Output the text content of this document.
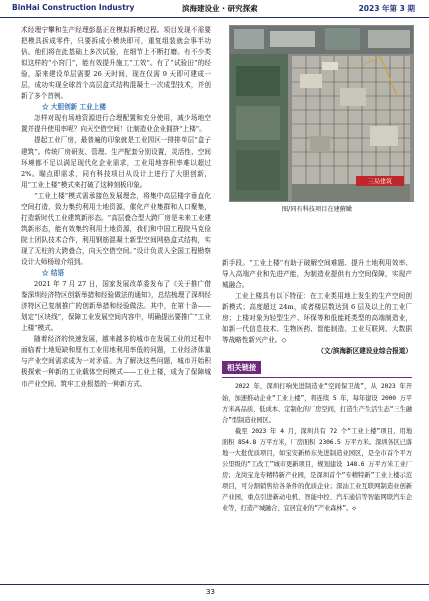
BinHai Construction Industry	滨海建设业 · 研究探索	2023 年第 3 期

术经理宁攀和生产经理彭磊正在模拟拆模过程。项目发现不需要把模具拆成零件，只要拆成小模块即可，重复组装就会事半功倍。他们将在此基础上多次试验，在细节上不断打磨。有不少类似这样的“小窍门”，能有效提升施工“工效”。有了“试验田”的经验，原来建设单层需要 26 天时间，现在仅需 9 天即可建成一层，成功实现全球首个高层盒式结构混凝土一次成型技术，并创新了多个首例。

☆ 大胆创新 工业上楼

怎样对现有场地资源进行合理配置和充分使用，减少场地空置并提升使用率呢？向天空借空间！让制造业企业拥挤“上楼”。

提起工业厂房，最普遍的印象就是工业园区一排排单层“盒子建筑”。传统厂房研发、管理、生产配套分别设置，灵活性、空间环境都不足以满足现代化企业需求，工业用地容积率难以超过 2%。瞄点即需求，同有科技项目从设计上进行了大胆创新，用“工业上楼”模式来打破了这种刻板印象。

“工业上楼”模式需承接色发展理念，将集中高层楼宇垂直化空间打造，致力集约利用土地资源，催化产业集群和人口聚集，打造新时代工业建筑新形态。“高层叠合型大跨厂房是未来工业建筑新形态，能有效集约利用土地资源，我们和中国工程院马克俭院士团队技术合作，利用钢筋混凝土新型空间网格盒式结构，实现了无柱的大跨叠合，向天空借空间。”设计负责人全国工程勘察设计大师杨琼介绍到。

☆ 结语

2021 年 7 月 27 日，国家发展改革委发布了《关于推广借鉴深圳经济特区创新举措和经验做法的通知》，总结梳理了深圳经济特区已复制推广的创新举措和经验做法。其中，在第十条——划定“区块线”，保障工业发展空间内容中，明确提出要推广“工业上楼”模式。

随着经济的快速发展，越来越多的城市在发展工业的过程中面临着土地短缺和厘有工业用地利用率低的问题，工业经济体量与产业空间需求成为一对矛盾。为了解决这些问题，城市开始积极探索一种新的工业载体空间模式——工业上楼，成为了保障城市产业空间、筑牢工业根基的一种新方式、

三局建筑
图/同有科技项目在建俯瞰

新手段。“工业上楼”有助于破解空间难题、提升土地利用效率、导入高端产业和先进产能，为制造业提供有力空间保障，实现产城融合。

工业上楼具有以下特征：在工业类用地上发生的生产空间创新模式；高度超过 24m，或者楼层数达到 6 层及以上的工业厂房；上楼对象为轻型生产、环保等和低能耗类型的高端制造业，如新一代信息技术、生物医药、智能制造、工业互联网、大数据等战略性新兴产业。◇

（文/滨海新区建设业综合报道）

相关链接

2022 年，深圳打响先进制造业“空间保卫战”，从 2023 年开始，加速推动企业“工业上楼”，将连续 5 年，每年建设 2000 万平方米高品质、低成本、定制化的厂房空间，打造生产生活生态“三生融合”型制造业园区。

截至 2023 年 4 月，深圳共有 72 个“工业上楼”项目，用地面积 854.8 万平方米，厂房面积 2306.5 万平方米。深圳各区已落地一大批优质项目，如宝安新桥东先进制造业园区，是全市首个平方公里级的“工改工”城市更新项目，规划建设 148.6 万平方米工业厂房；龙岗宝龙专精特新产业园，是深圳首个“专精特新”工业上楼示范项目，可分割销售给各条件的优质企业；深汕工业互联网制造业创新产业园，重点引进新动电机、智能中控、汽车通信等智能网联汽车企业等，打造产城融合、宜居宜业的“产业森林”。◇

33
